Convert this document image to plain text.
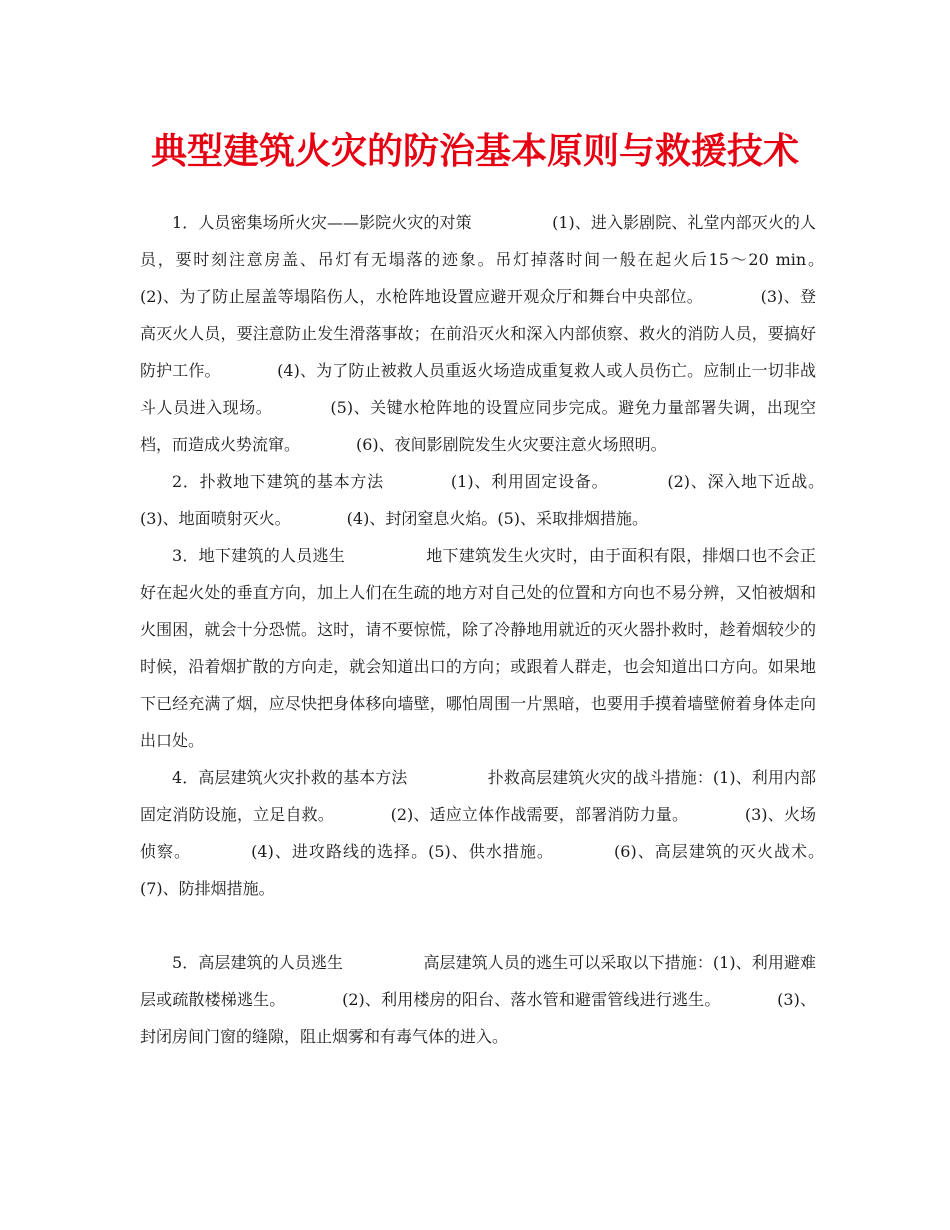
典型建筑火灾的防治基本原则与救援技术

1．人员密集场所火灾——影院火灾的对策　　　　　(1)、进入影剧院、礼堂内部灭火的人员，要时刻注意房盖、吊灯有无塌落的迹象。吊灯掉落时间一般在起火后15～20 min。　　　　(2)、为了防止屋盖等塌陷伤人，水枪阵地设置应避开观众厅和舞台中央部位。　　　　(3)、登高灭火人员，要注意防止发生滑落事故；在前沿灭火和深入内部侦察、救火的消防人员，要搞好防护工作。　　　　(4)、为了防止被救人员重返火场造成重复救人或人员伤亡。应制止一切非战斗人员进入现场。　　　　(5)、关键水枪阵地的设置应同步完成。避免力量部署失调，出现空档，而造成火势流窜。　　　　(6)、夜间影剧院发生火灾要注意火场照明。

2．扑救地下建筑的基本方法　　　　(1)、利用固定设备。　　　　(2)、深入地下近战。　　　　(3)、地面喷射灭火。　　　　(4)、封闭窒息火焰。(5)、采取排烟措施。

3．地下建筑的人员逃生　　　　　地下建筑发生火灾时，由于面积有限，排烟口也不会正好在起火处的垂直方向，加上人们在生疏的地方对自己处的位置和方向也不易分辨，又怕被烟和火围困，就会十分恐慌。这时，请不要惊慌，除了冷静地用就近的灭火器扑救时，趁着烟较少的时候，沿着烟扩散的方向走，就会知道出口的方向；或跟着人群走，也会知道出口方向。如果地下已经充满了烟，应尽快把身体移向墙壁，哪怕周围一片黑暗，也要用手摸着墙壁俯着身体走向出口处。

4．高层建筑火灾扑救的基本方法　　　　　扑救高层建筑火灾的战斗措施：(1)、利用内部固定消防设施，立足自救。　　　　(2)、适应立体作战需要，部署消防力量。　　　　(3)、火场侦察。　　　　(4)、进攻路线的选择。(5)、供水措施。　　　　(6)、高层建筑的灭火战术。　　　　(7)、防排烟措施。

5．高层建筑的人员逃生　　　　　高层建筑人员的逃生可以采取以下措施：(1)、利用避难层或疏散楼梯逃生。　　　　(2)、利用楼房的阳台、落水管和避雷管线进行逃生。　　　　(3)、封闭房间门窗的缝隙，阻止烟雾和有毒气体的进入。
